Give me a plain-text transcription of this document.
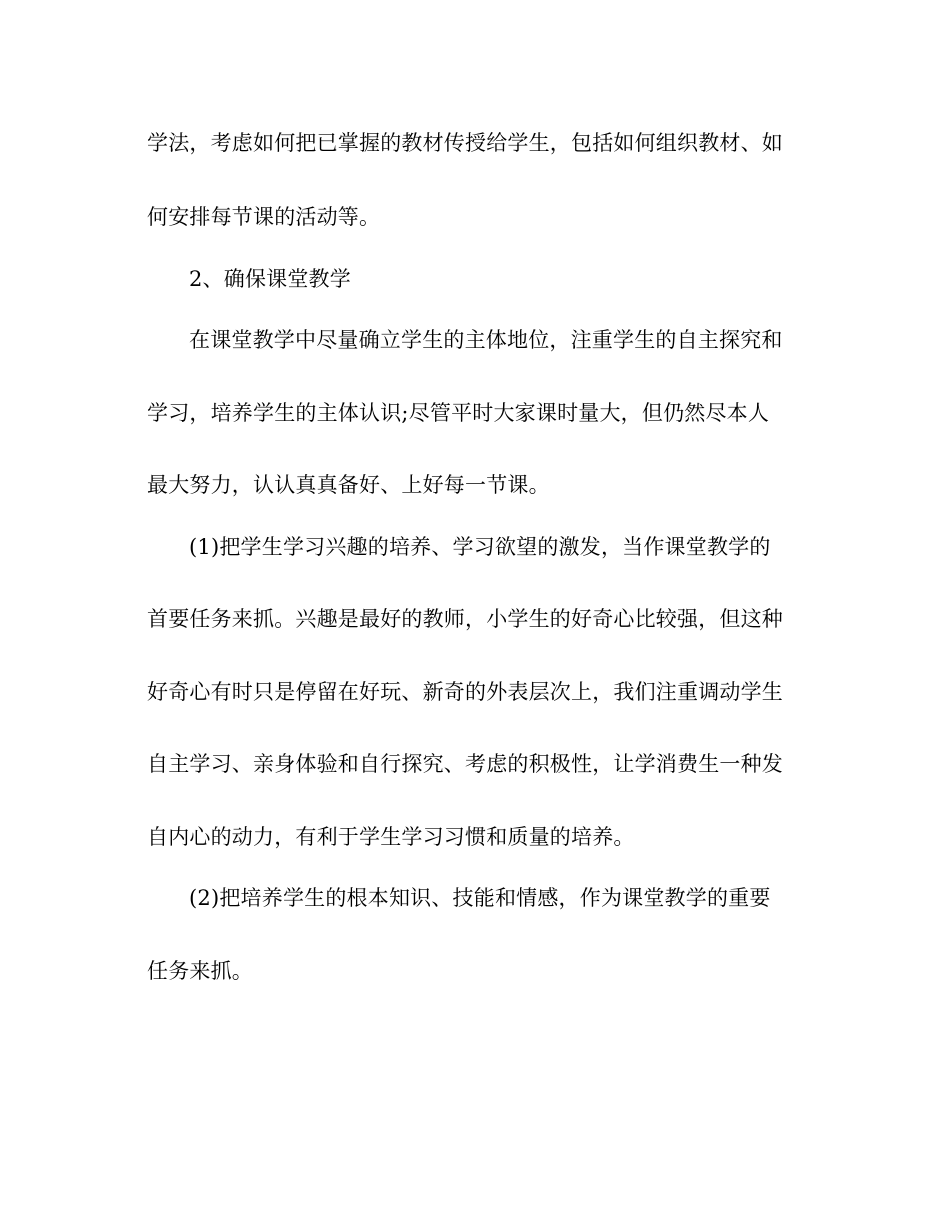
学法，考虑如何把已掌握的教材传授给学生，包括如何组织教材、如
何安排每节课的活动等。
2、确保课堂教学
在课堂教学中尽量确立学生的主体地位，注重学生的自主探究和
学习，培养学生的主体认识;尽管平时大家课时量大，但仍然尽本人
最大努力，认认真真备好、上好每一节课。
(1)把学生学习兴趣的培养、学习欲望的激发，当作课堂教学的
首要任务来抓。兴趣是最好的教师，小学生的好奇心比较强，但这种
好奇心有时只是停留在好玩、新奇的外表层次上，我们注重调动学生
自主学习、亲身体验和自行探究、考虑的积极性，让学消费生一种发
自内心的动力，有利于学生学习习惯和质量的培养。
(2)把培养学生的根本知识、技能和情感，作为课堂教学的重要
任务来抓。
